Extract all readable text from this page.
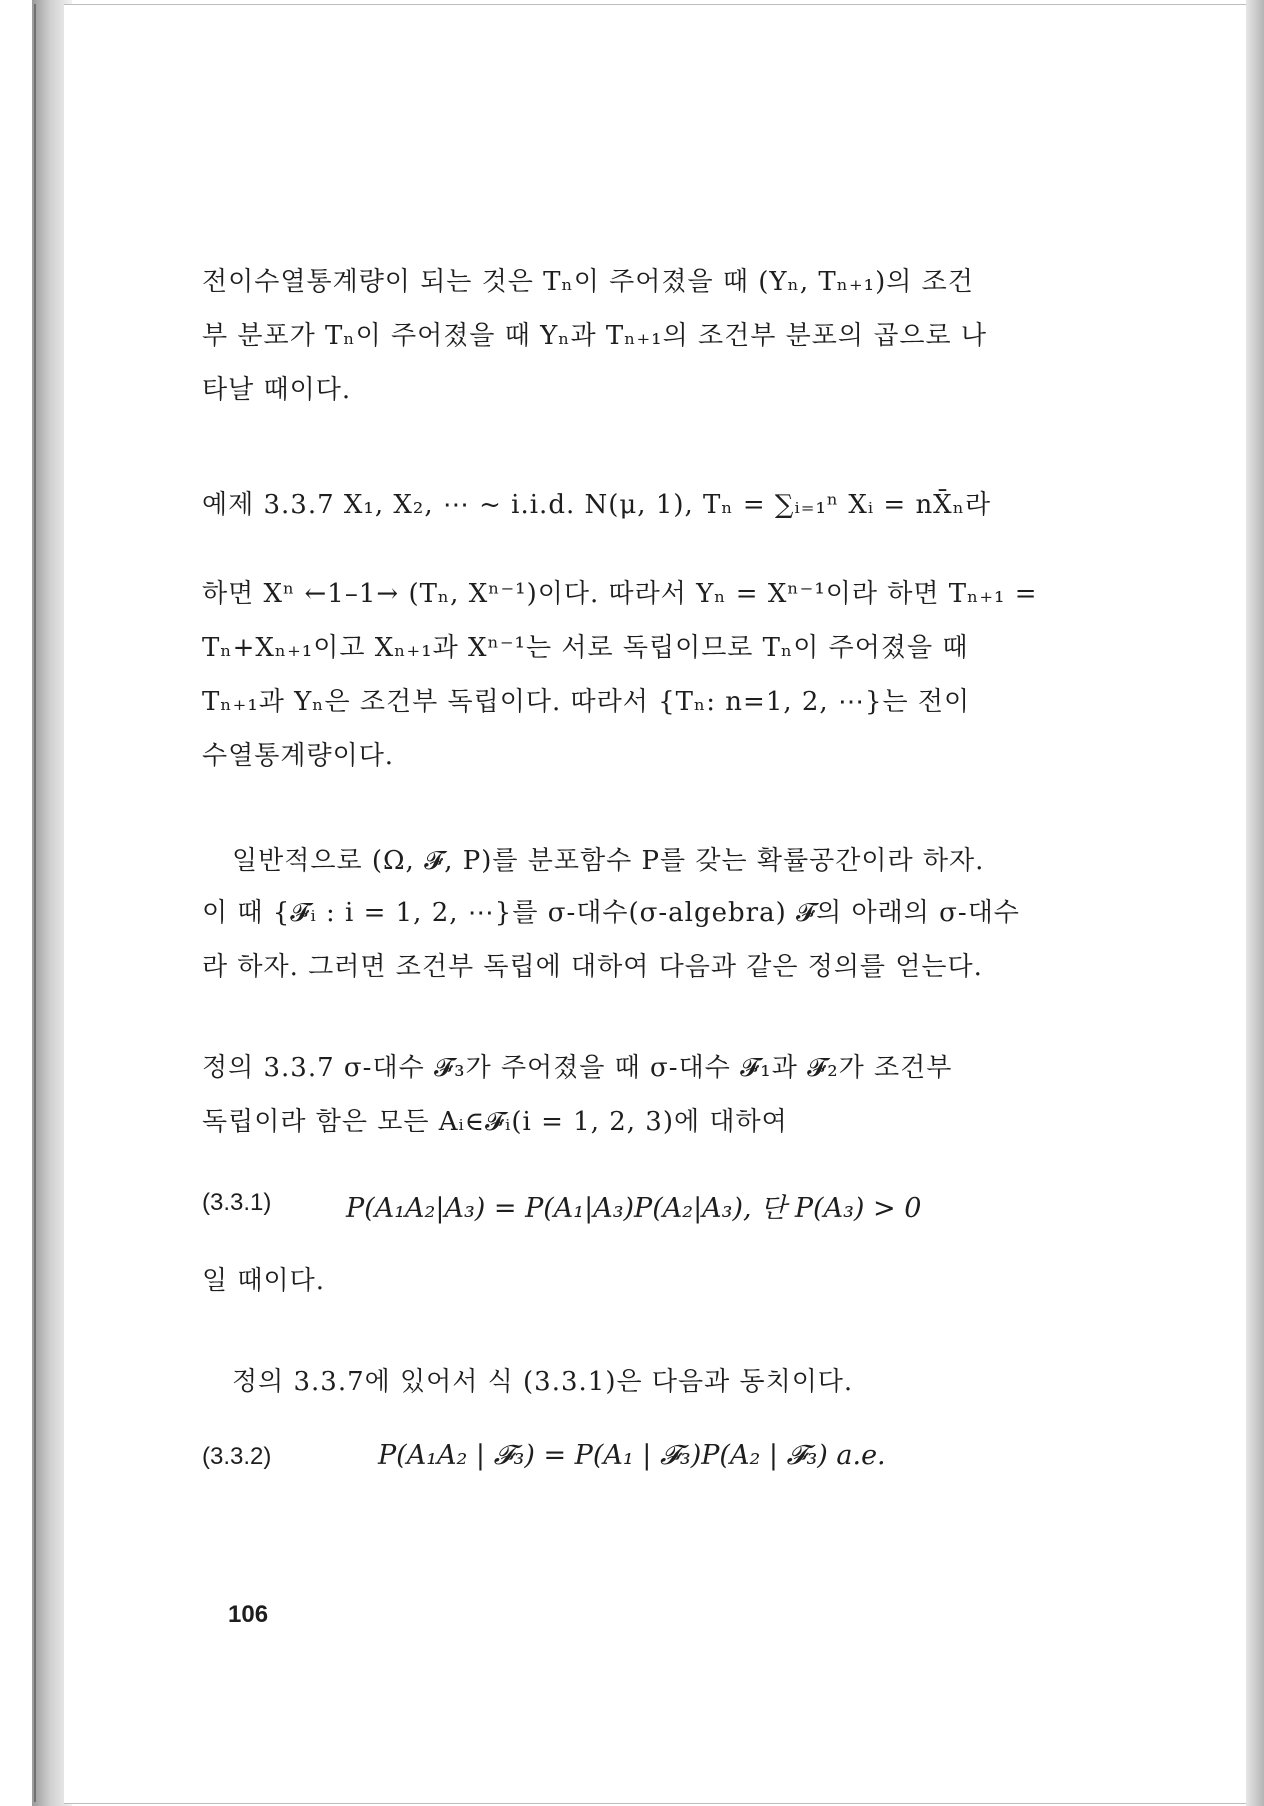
전이수열통계량이 되는 것은 Tₙ이 주어졌을 때 (Yₙ, Tₙ₊₁)의 조건
부 분포가 Tₙ이 주어졌을 때 Yₙ과 Tₙ₊₁의 조건부 분포의 곱으로 나
타날 때이다.
예제 3.3.7 X₁, X₂, ⋯ ~ i.i.d. N(μ, 1), Tₙ = ∑ᵢ₌₁ⁿ Xᵢ = nX̄ₙ라
하면 Xⁿ ←1–1→ (Tₙ, Xⁿ⁻¹)이다. 따라서 Yₙ = Xⁿ⁻¹이라 하면 Tₙ₊₁ =
Tₙ+Xₙ₊₁이고 Xₙ₊₁과 Xⁿ⁻¹는 서로 독립이므로 Tₙ이 주어졌을 때
Tₙ₊₁과 Yₙ은 조건부 독립이다. 따라서 {Tₙ: n=1, 2, ⋯}는 전이
수열통계량이다.
일반적으로 (Ω, 𝓕, P)를 분포함수 P를 갖는 확률공간이라 하자.
이 때 {𝓕ᵢ : i = 1, 2, ⋯}를 σ-대수(σ-algebra) 𝓕의 아래의 σ-대수
라 하자. 그러면 조건부 독립에 대하여 다음과 같은 정의를 얻는다.
정의 3.3.7 σ-대수 𝓕₃가 주어졌을 때 σ-대수 𝓕₁과 𝓕₂가 조건부
독립이라 함은 모든 Aᵢ∈𝓕ᵢ(i = 1, 2, 3)에 대하여
(3.3.1)	P(A₁A₂|A₃) = P(A₁|A₃)P(A₂|A₃), 단 P(A₃) > 0
일 때이다.
정의 3.3.7에 있어서 식 (3.3.1)은 다음과 동치이다.
(3.3.2)	P(A₁A₂ | 𝓕₃) = P(A₁ | 𝓕₃)P(A₂ | 𝓕₃) a.e.
106
